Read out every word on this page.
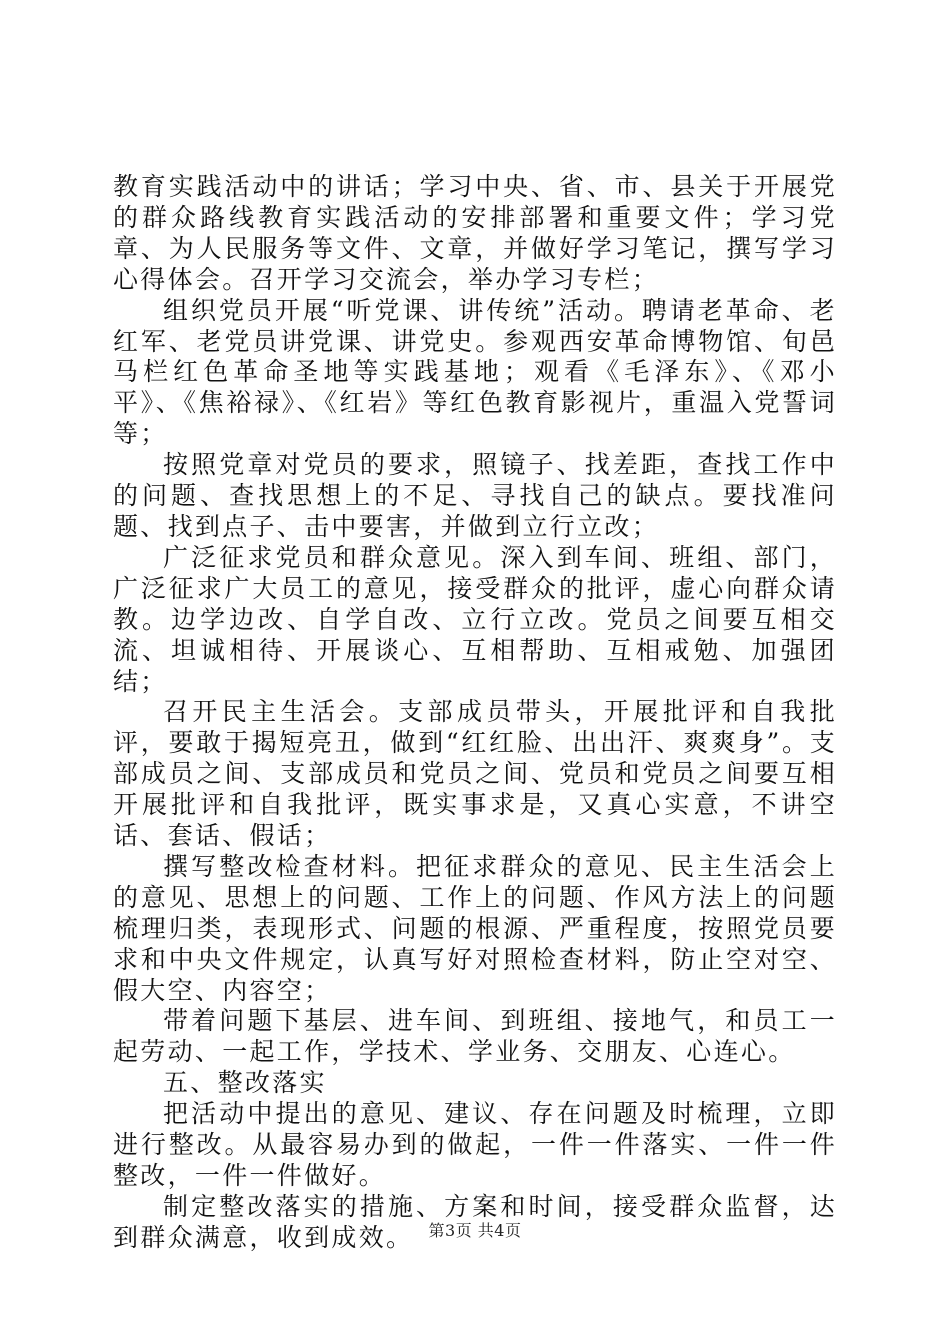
教育实践活动中的讲话；学习中央、省、市、县关于开展党的群众路线教育实践活动的安排部署和重要文件；学习党章、为人民服务等文件、文章，并做好学习笔记，撰写学习心得体会。召开学习交流会，举办学习专栏；

组织党员开展“听党课、讲传统”活动。聘请老革命、老红军、老党员讲党课、讲党史。参观西安革命博物馆、旬邑马栏红色革命圣地等实践基地；观看《毛泽东》、《邓小平》、《焦裕禄》、《红岩》等红色教育影视片，重温入党誓词等；

按照党章对党员的要求，照镜子、找差距，查找工作中的问题、查找思想上的不足、寻找自己的缺点。要找准问题、找到点子、击中要害，并做到立行立改；

广泛征求党员和群众意见。深入到车间、班组、部门，广泛征求广大员工的意见，接受群众的批评，虚心向群众请教。边学边改、自学自改、立行立改。党员之间要互相交流、坦诚相待、开展谈心、互相帮助、互相戒勉、加强团结；

召开民主生活会。支部成员带头，开展批评和自我批评，要敢于揭短亮丑，做到“红红脸、出出汗、爽爽身”。支部成员之间、支部成员和党员之间、党员和党员之间要互相开展批评和自我批评，既实事求是，又真心实意，不讲空话、套话、假话；

撰写整改检查材料。把征求群众的意见、民主生活会上的意见、思想上的问题、工作上的问题、作风方法上的问题梳理归类，表现形式、问题的根源、严重程度，按照党员要求和中央文件规定，认真写好对照检查材料，防止空对空、假大空、内容空；

带着问题下基层、进车间、到班组、接地气，和员工一起劳动、一起工作，学技术、学业务、交朋友、心连心。

五、整改落实

把活动中提出的意见、建议、存在问题及时梳理，立即进行整改。从最容易办到的做起，一件一件落实、一件一件整改，一件一件做好。

制定整改落实的措施、方案和时间，接受群众监督，达到群众满意，收到成效。 第3页 共4页
